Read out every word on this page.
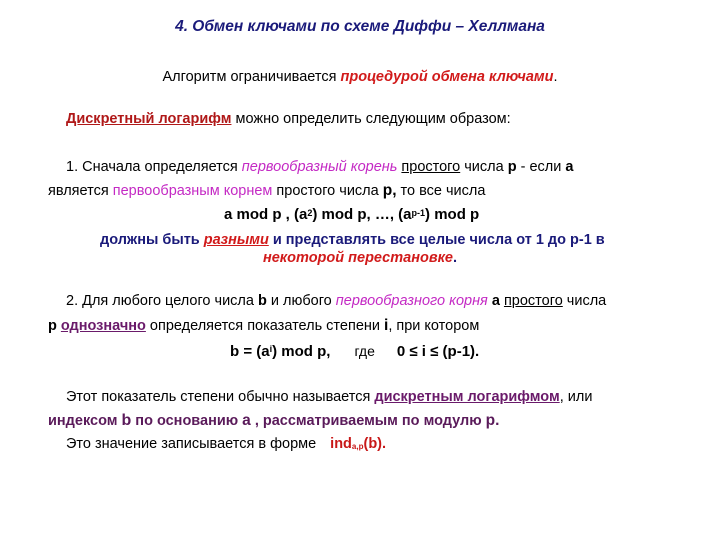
4. Обмен ключами по схеме Диффи – Хеллмана
Алгоритм ограничивается процедурой обмена ключами.
Дискретный логарифм можно определить следующим образом:
1. Сначала определяется первообразный корень простого числа р - если а
является первообразным корнем простого числа р, то все числа
a mod p , $(a^2)$ mod p, …, $(a^{p-1})$ mod p
должны быть разными и представлять все целые числа от 1 до p-1 в
некоторой перестановке.
2. Для любого целого числа b и любого первообразного корня а простого числа
р однозначно определяется показатель степени i, при котором
$b = (a^i)$ mod p, где 0 ≤ i ≤ (p-1).
Этот показатель степени обычно называется дискретным логарифмом, или
индексом b по основанию а , рассматриваемым по модулю р.
Это значение записывается в форме ind$_{a,p}$(b).
